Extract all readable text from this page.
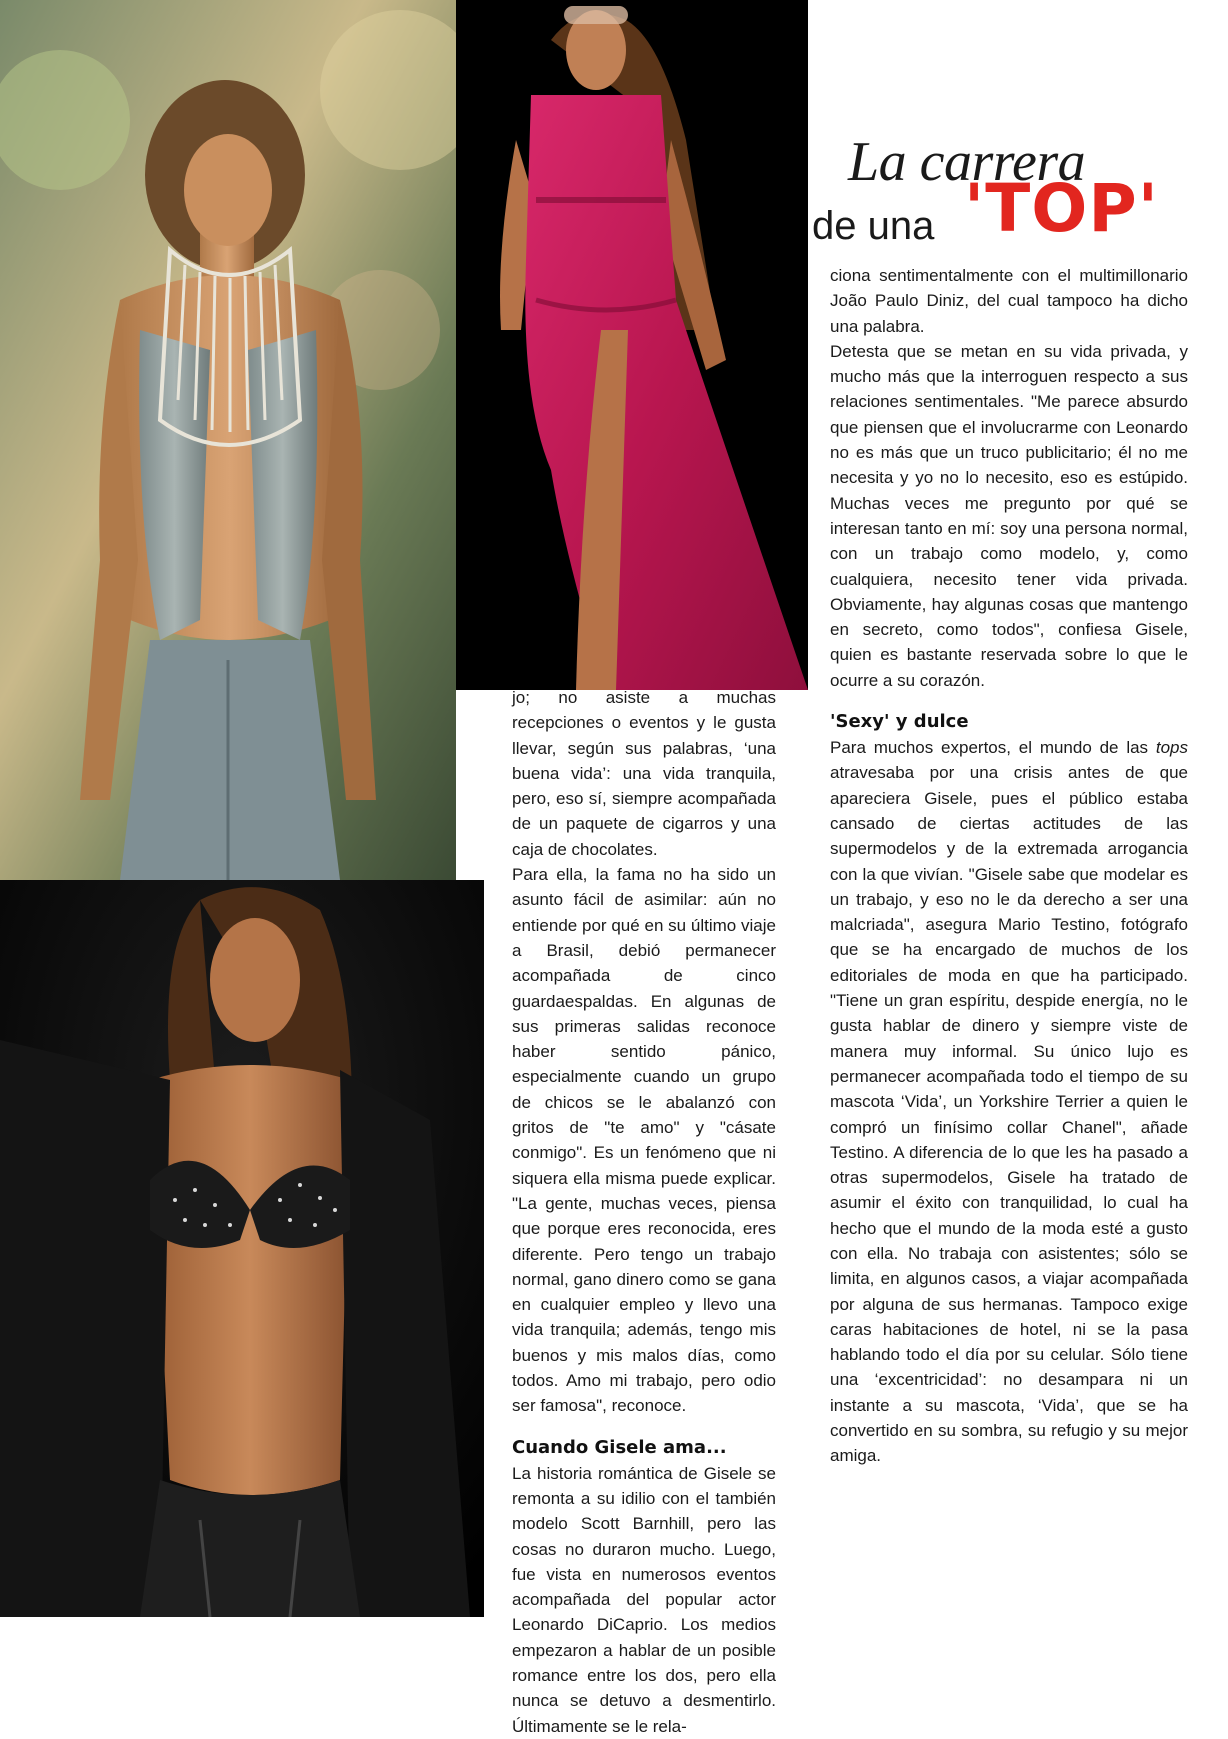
La carrera
de una 'TOP'

jo; no asiste a muchas recepciones o eventos y le gusta llevar, según sus palabras, ‘una buena vida’: una vida tranquila, pero, eso sí, siempre acompañada de un paquete de cigarros y una caja de chocolates.

Para ella, la fama no ha sido un asunto fácil de asimilar: aún no entiende por qué en su último viaje a Brasil, debió permanecer acompañada de cinco guardaespaldas. En algunas de sus primeras salidas reconoce haber sentido pánico, especialmente cuando un grupo de chicos se le abalanzó con gritos de "te amo" y "cásate conmigo". Es un fenómeno que ni siquera ella misma puede explicar. "La gente, muchas veces, piensa que porque eres reconocida, eres diferente. Pero tengo un trabajo normal, gano dinero como se gana en cualquier empleo y llevo una vida tranquila; además, tengo mis buenos y mis malos días, como todos. Amo mi trabajo, pero odio ser famosa", reconoce.

Cuando Gisele ama...

La historia romántica de Gisele se remonta a su idilio con el también modelo Scott Barnhill, pero las cosas no duraron mucho. Luego, fue vista en numerosos eventos acompañada del popular actor Leonardo DiCaprio. Los medios empezaron a hablar de un posible romance entre los dos, pero ella nunca se detuvo a desmentirlo. Últimamente se le rela-

ciona sentimentalmente con el multimillonario João Paulo Diniz, del cual tampoco ha dicho una palabra.

Detesta que se metan en su vida privada, y mucho más que la interroguen respecto a sus relaciones sentimentales. "Me parece absurdo que piensen que el involucrarme con Leonardo no es más que un truco publicitario; él no me necesita y yo no lo necesito, eso es estúpido. Muchas veces me pregunto por qué se interesan tanto en mí: soy una persona normal, con un trabajo como modelo, y, como cualquiera, necesito tener vida privada. Obviamente, hay algunas cosas que mantengo en secreto, como todos", confiesa Gisele, quien es bastante reservada sobre lo que le ocurre a su corazón.

'Sexy' y dulce

Para muchos expertos, el mundo de las tops atravesaba por una crisis antes de que apareciera Gisele, pues el público estaba cansado de ciertas actitudes de las supermodelos y de la extremada arrogancia con la que vivían. "Gisele sabe que modelar es un trabajo, y eso no le da derecho a ser una malcriada", asegura Mario Testino, fotógrafo que se ha encargado de muchos de los editoriales de moda en que ha participado. "Tiene un gran espíritu, despide energía, no le gusta hablar de dinero y siempre viste de manera muy informal. Su único lujo es permanecer acompañada todo el tiempo de su mascota ‘Vida’, un Yorkshire Terrier a quien le compró un finísimo collar Chanel", añade Testino. A diferencia de lo que les ha pasado a otras supermodelos, Gisele ha tratado de asumir el éxito con tranquilidad, lo cual ha hecho que el mundo de la moda esté a gusto con ella. No trabaja con asistentes; sólo se limita, en algunos casos, a viajar acompañada por alguna de sus hermanas. Tampoco exige caras habitaciones de hotel, ni se la pasa hablando todo el día por su celular. Sólo tiene una ‘excentricidad’: no desampara ni un instante a su mascota, ‘Vida’, que se ha convertido en su sombra, su refugio y su mejor amiga.
